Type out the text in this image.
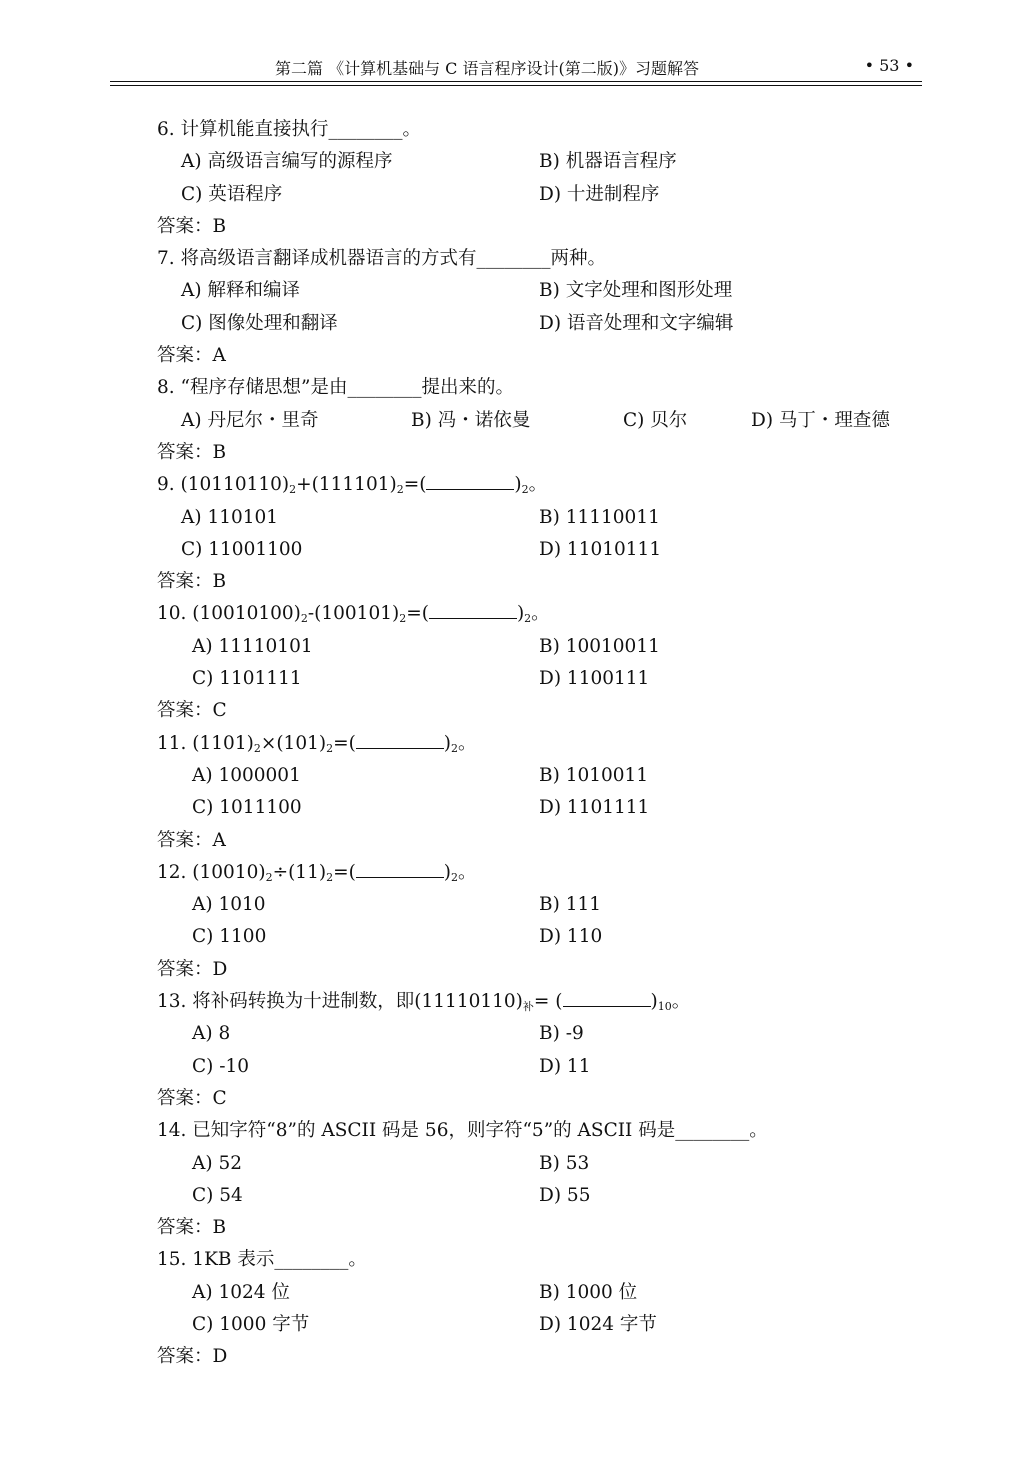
第二篇 《计算机基础与 C 语言程序设计(第二版)》习题解答	• 53 •
6. 计算机能直接执行________。
A) 高级语言编写的源程序	B) 机器语言程序
C) 英语程序	D) 十进制程序
答案：B
7. 将高级语言翻译成机器语言的方式有________两种。
A) 解释和编译	B) 文字处理和图形处理
C) 图像处理和翻译	D) 语音处理和文字编辑
答案：A
8. “程序存储思想”是由________提出来的。
A) 丹尼尔・里奇	B) 冯・诺依曼	C) 贝尔	D) 马丁・理查德
答案：B
9. $(10110110)_2+(111101)_2=$(	)$_2$。
A) 110101	B) 11110011
C) 11001100	D) 11010111
答案：B
10. $(10010100)_2-(100101)_2=$(	)$_2$。
A) 11110101	B) 10010011
C) 1101111	D) 1100111
答案：C
11. $(1101)_2\times(101)_2=$(	)$_2$。
A) 1000001	B) 1010011
C) 1011100	D) 1101111
答案：A
12. $(10010)_2\div(11)_2=$(	)$_2$。
A) 1010	B) 111
C) 1100	D) 110
答案：D
13. 将补码转换为十进制数，即$(11110110)_补=$ (	)$_{10}$。
A) 8	B) -9
C) -10	D) 11
答案：C
14. 已知字符“8”的 ASCII 码是 56，则字符“5”的 ASCII 码是________。
A) 52	B) 53
C) 54	D) 55
答案：B
15. 1KB 表示________。
A) 1024 位	B) 1000 位
C) 1000 字节	D) 1024 字节
答案：D
